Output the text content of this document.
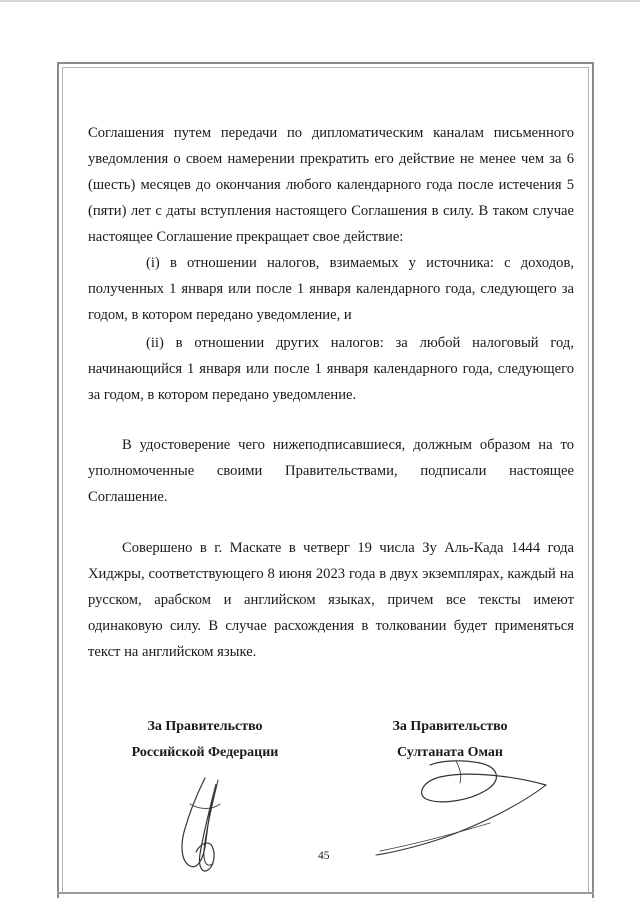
Соглашения путем передачи по дипломатическим каналам письменного уведомления о своем намерении прекратить его действие не менее чем за 6 (шесть) месяцев до окончания любого календарного года после истечения 5 (пяти) лет с даты вступления настоящего Соглашения в силу. В таком случае настоящее Соглашение прекращает свое действие:

(i) в отношении налогов, взимаемых у источника: с доходов, полученных 1 января или после 1 января календарного года, следующего за годом, в котором передано уведомление, и

(ii) в отношении других налогов: за любой налоговый год, начинающийся 1 января или после 1 января календарного года, следующего за годом, в котором передано уведомление.

В удостоверение чего нижеподписавшиеся, должным образом на то уполномоченные своими Правительствами, подписали настоящее Соглашение.

Совершено в г. Маскате в четверг 19 числа Зу Аль-Када 1444 года Хиджры, соответствующего 8 июня 2023 года в двух экземплярах, каждый на русском, арабском и английском языках, причем все тексты имеют одинаковую силу. В случае расхождения в толковании будет применяться текст на английском языке.

За Правительство

Российской Федерации

За Правительство

Султаната Оман

45
